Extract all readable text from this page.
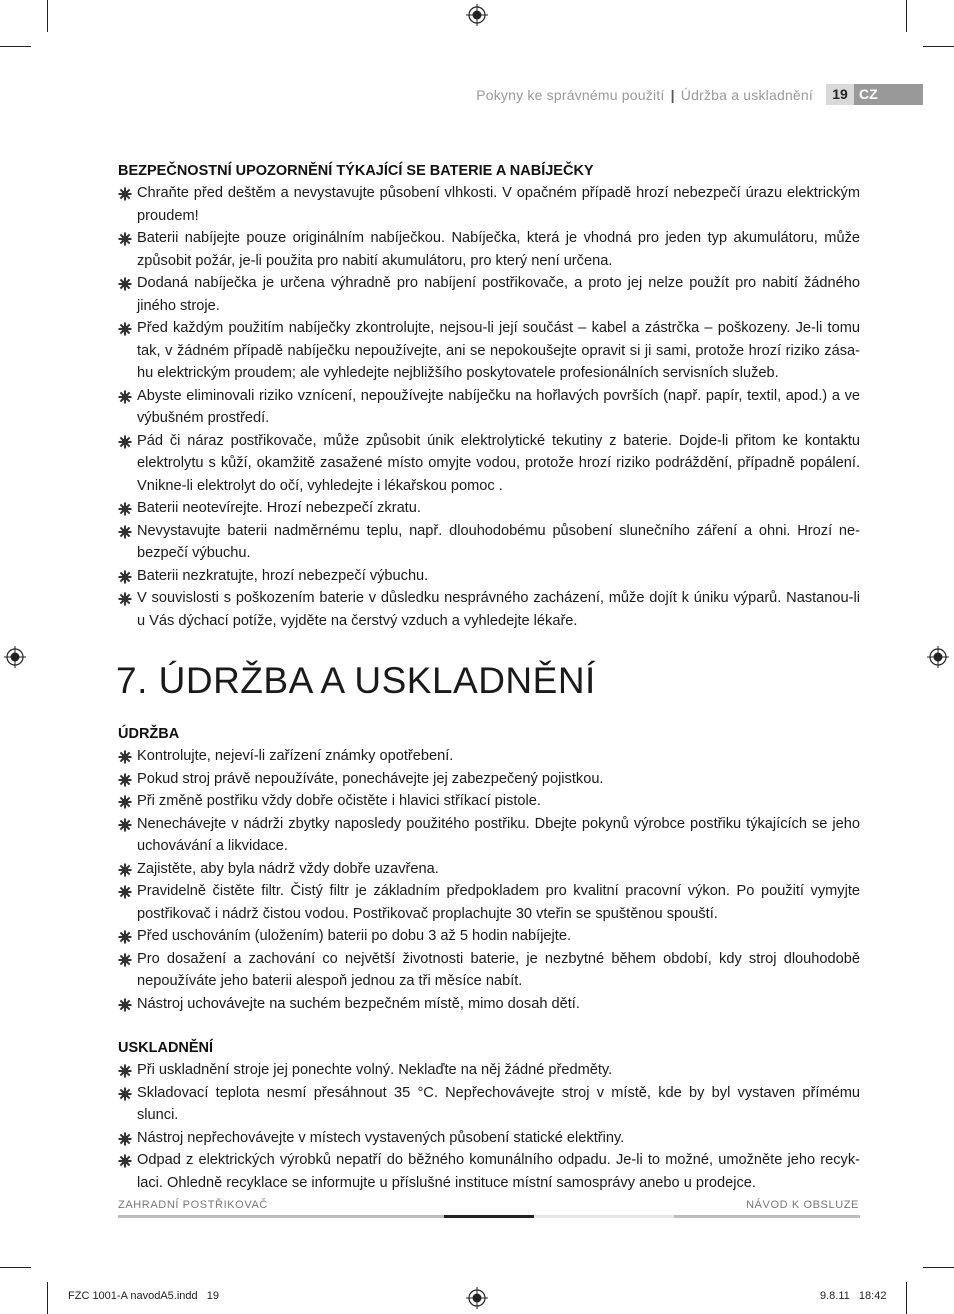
Pokyny ke správnému použití | Údržba a uskladnění	19 CZ
BEZPEČNOSTNÍ UPOZORNĚNÍ TÝKAJÍCÍ SE BATERIE A NABÍJEČKY
Chraňte před deštěm a nevystavujte působení vlhkosti. V opačném případě hrozí nebezpečí úrazu elektrickým proudem!
Baterii nabíjejte pouze originálním nabíječkou. Nabíječka, která je vhodná pro jeden typ akumulátoru, může způsobit požár, je-li použita pro nabití akumulátoru, pro který není určena.
Dodaná nabíječka je určena výhradně pro nabíjení postřikovače, a proto jej nelze použít pro nabití žádného jiného stroje.
Před každým použitím nabíječky zkontrolujte, nejsou-li její součást – kabel a zástrčka – poškozeny. Je-li tomu tak, v žádném případě nabíječku nepoužívejte, ani se nepokoušejte opravit si ji sami, protože hrozí riziko zása-hu elektrickým proudem; ale vyhledejte nejbližšího poskytovatele profesionálních servisních služeb.
Abyste eliminovali riziko vznícení, nepoužívejte nabíječku na hořlavých površích (např. papír, textil, apod.) a ve výbušném prostředí.
Pád či náraz postřikovače, může způsobit únik elektrolytické tekutiny z baterie. Dojde-li přitom ke kontaktu elektrolytu s kůží, okamžitě zasažené místo omyjte vodou, protože hrozí riziko podráždění, případně popálení. Vnikne-li elektrolyt do očí, vyhledejte i lékařskou pomoc .
Baterii neotevírejte. Hrozí nebezpečí zkratu.
Nevystavujte baterii nadměrnému teplu, např. dlouhodobému působení slunečního záření a ohni. Hrozí ne-bezpečí výbuchu.
Baterii nezkratujte, hrozí nebezpečí výbuchu.
V souvislosti s poškozením baterie v důsledku nesprávného zacházení, může dojít k úniku výparů. Nastanou-li u Vás dýchací potíže, vyjděte na čerstvý vzduch a vyhledejte lékaře.
7. ÚDRŽBA A USKLADNĚNÍ
ÚDRŽBA
Kontrolujte, nejeví-li zařízení známky opotřebení.
Pokud stroj právě nepoužíváte, ponechávejte jej zabezpečený pojistkou.
Při změně postřiku vždy dobře očistěte i hlavici stříkací pistole.
Nenechávejte v nádrži zbytky naposledy použitého postřiku. Dbejte pokynů výrobce postřiku týkajících se jeho uchovávání a likvidace.
Zajistěte, aby byla nádrž vždy dobře uzavřena.
Pravidelně čistěte filtr. Čistý filtr je základním předpokladem pro kvalitní pracovní výkon. Po použití vymyjte postřikovač i nádrž čistou vodou. Postřikovač proplachujte 30 vteřin se spuštěnou spouští.
Před uschováním (uložením) baterii po dobu 3 až 5 hodin nabíjejte.
Pro dosažení a zachování co největší životnosti baterie, je nezbytné během období, kdy stroj dlouhodobě nepoužíváte jeho baterii alespoň jednou za tři měsíce nabít.
Nástroj uchovávejte na suchém bezpečném místě, mimo dosah dětí.
USKLADNĚNÍ
Při uskladnění stroje jej ponechte volný. Neklaďte na něj žádné předměty.
Skladovací teplota nesmí přesáhnout 35 °C. Nepřechovávejte stroj v místě, kde by byl vystaven přímému slunci.
Nástroj nepřechovávejte v místech vystavených působení statické elektřiny.
Odpad z elektrických výrobků nepatří do běžného komunálního odpadu. Je-li to možné, umožněte jeho recyk-laci. Ohledně recyklace se informujte u příslušné instituce místní samosprávy anebo u prodejce.
ZAHRADNÍ POSTŘIKOVAČ	NÁVOD K OBSLUZE
FZC 1001-A navodA5.indd   19	9.8.11   18:42
